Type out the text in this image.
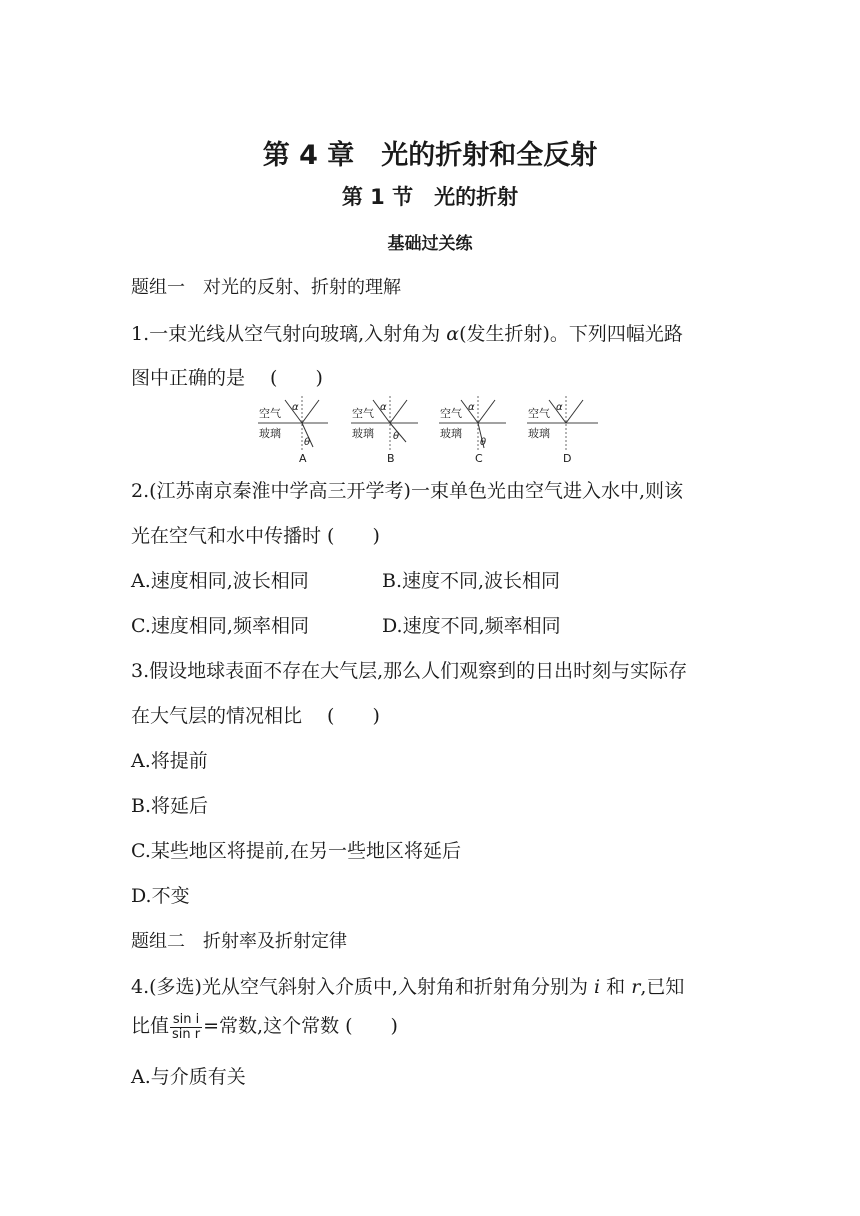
第 4 章　光的折射和全反射
第 1 节　光的折射
基础过关练
题组一　对光的反射、折射的理解
1.一束光线从空气射向玻璃,入射角为 α(发生折射)。下列四幅光路
图中正确的是　 (　　)
空气
玻璃
α
θ
A
空气
玻璃
α
θ
B
空气
玻璃
α
θ
C
空气
玻璃
α
D
2.(江苏南京秦淮中学高三开学考)一束单色光由空气进入水中,则该
光在空气和水中传播时 (　　)
A.速度相同,波长相同	B.速度不同,波长相同
C.速度相同,频率相同	D.速度不同,频率相同
3.假设地球表面不存在大气层,那么人们观察到的日出时刻与实际存
在大气层的情况相比　 (　　)
A.将提前
B.将延后
C.某些地区将提前,在另一些地区将延后
D.不变
题组二　折射率及折射定律
4.(多选)光从空气斜射入介质中,入射角和折射角分别为 i 和 r,已知
比值 $\frac{\text{sin i}}{\text{sin r}}$ =常数,这个常数 (　　)
A.与介质有关
